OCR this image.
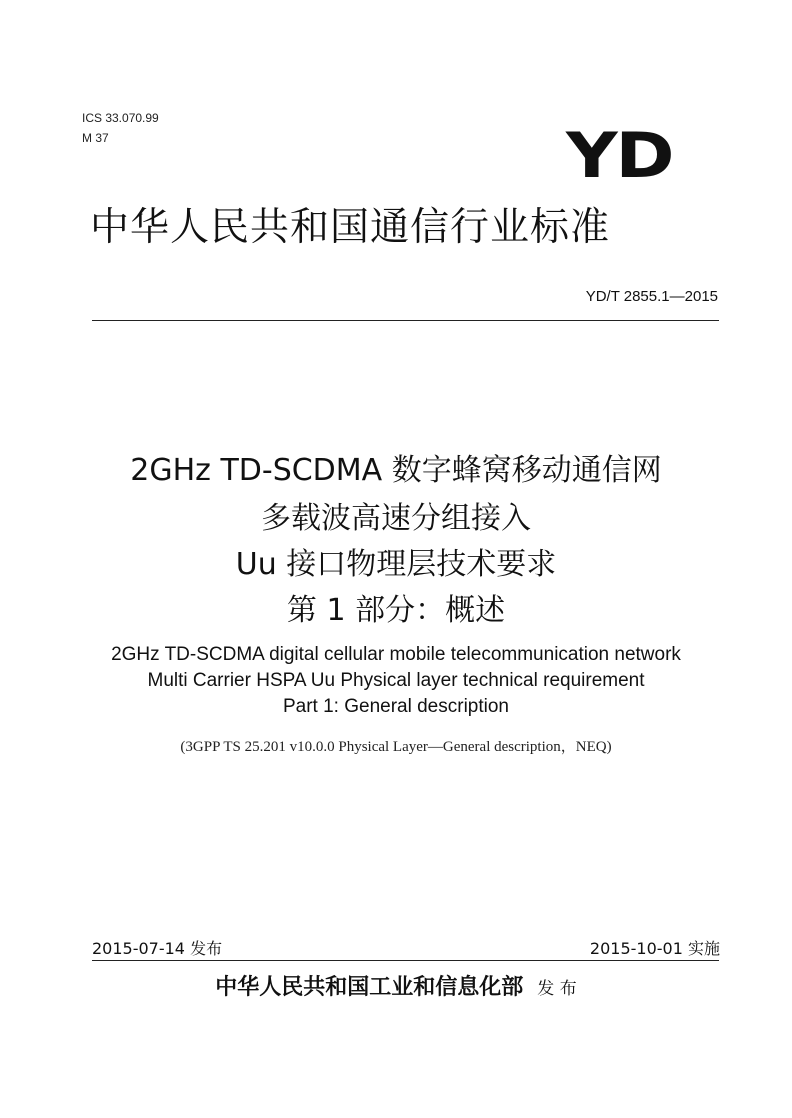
ICS 33.070.99
M 37	YD
中华人民共和国通信行业标准
YD/T 2855.1—2015
2GHz TD-SCDMA 数字蜂窝移动通信网
多载波高速分组接入
Uu 接口物理层技术要求
第 1 部分：概述
2GHz TD-SCDMA digital cellular mobile telecommunication network
Multi Carrier HSPA Uu Physical layer technical requirement
Part 1: General description
(3GPP TS 25.201 v10.0.0 Physical Layer—General description，NEQ)
2015-07-14 发布	2015-10-01 实施
中华人民共和国工业和信息化部 发 布
